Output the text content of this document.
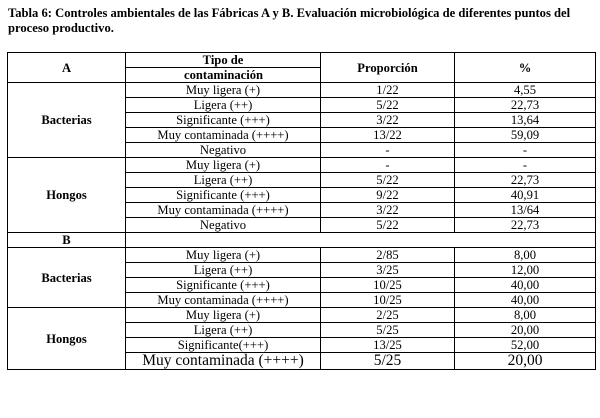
Tabla 6: Controles ambientales de las Fábricas A y B. Evaluación microbiológica de diferentes puntos del
proceso productivo.
A	Tipo de	Proporción	%
	contaminación		
Bacterias	Muy ligera (+)	1/22	4,55
	Ligera (++)	5/22	22,73
	Significante (+++)	3/22	13,64
	Muy contaminada (++++)	13/22	59,09
	Negativo	-	-
Hongos	Muy ligera (+)	-	-
	Ligera (++)	5/22	22,73
	Significante (+++)	9/22	40,91
	Muy contaminada (++++)	3/22	13/64
	Negativo	5/22	22,73
B			
Bacterias	Muy ligera (+)	2/85	8,00
	Ligera (++)	3/25	12,00
	Significante (+++)	10/25	40,00
	Muy contaminada (++++)	10/25	40,00
Hongos	Muy ligera (+)	2/25	8,00
	Ligera (++)	5/25	20,00
	Significante(+++)	13/25	52,00
	Muy contaminada (++++)	5/25	20,00
